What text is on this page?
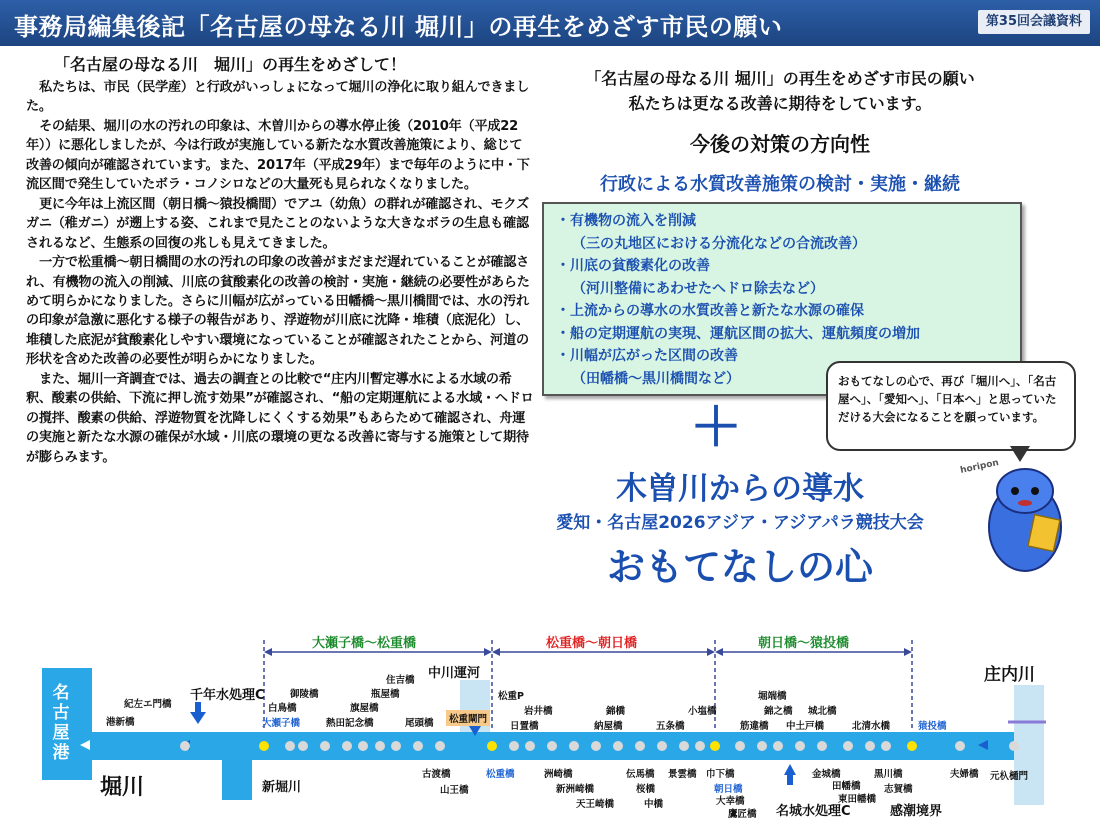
事務局編集後記「名古屋の母なる川 堀川」の再生をめざす市民の願い	第35回会議資料
「名古屋の母なる川　堀川」の再生をめざして！

私たちは、市民（民学産）と行政がいっしょになって堀川の浄化に取り組んできました。

その結果、堀川の水の汚れの印象は、木曽川からの導水停止後（2010年（平成22年））に悪化しましたが、今は行政が実施している新たな水質改善施策により、総じて改善の傾向が確認されています。また、2017年（平成29年）まで毎年のように中・下流区間で発生していたボラ・コノシロなどの大量死も見られなくなりました。

更に今年は上流区間（朝日橋～猿投橋間）でアユ（幼魚）の群れが確認され、モクズガニ（稚ガニ）が遡上する姿、これまで見たことのないような大きなボラの生息も確認されるなど、生態系の回復の兆しも見えてきました。

一方で松重橋～朝日橋間の水の汚れの印象の改善がまだまだ遅れていることが確認され、有機物の流入の削減、川底の貧酸素化の改善の検討・実施・継続の必要性があらためて明らかになりました。さらに川幅が広がっている田幡橋～黒川橋間では、水の汚れの印象が急激に悪化する様子の報告があり、浮遊物が川底に沈降・堆積（底泥化）し、堆積した底泥が貧酸素化しやすい環境になっていることが確認されたことから、河道の形状を含めた改善の必要性が明らかになりました。

また、堀川一斉調査では、過去の調査との比較で“庄内川暫定導水による水域の希釈、酸素の供給、下流に押し流す効果”が確認され、“船の定期運航による水域・ヘドロの撹拌、酸素の供給、浮遊物質を沈降しにくくする効果”もあらためて確認され、舟運の実施と新たな水源の確保が水域・川底の環境の更なる改善に寄与する施策として期待が膨らみます。

「名古屋の母なる川 堀川」の再生をめざす市民の願い
私たちは更なる改善に期待をしています。
今後の対策の方向性
行政による水質改善施策の検討・実施・継続
・有機物の流入を削減
（三の丸地区における分流化などの合流改善）
・川底の貧酸素化の改善
（河川整備にあわせたヘドロ除去など）
・上流からの導水の水質改善と新たな水源の確保
・船の定期運航の実現、運航区間の拡大、運航頻度の増加
・川幅が広がった区間の改善
（田幡橋～黒川橋間など）	おもてなしの心で、再び「堀川へ」、「名古屋へ」、「愛知へ」、「日本へ」と思っていただける大会になることを願っています。
＋
木曽川からの導水
愛知・名古屋2026アジア・アジアパラ競技大会
おもてなしの心
horipon
名古屋港
堀川	新堀川
千年水処理C
中川運河
松重閘門
庄内川
名城水処理C	感潮境界
大瀬子橋～松重橋	松重橋～朝日橋	朝日橋～猿投橋
港新橋
紀左エ門橋	白鳥橋
大瀬子橋
御陵橋
熱田記念橋
旗屋橋
住吉橋
瓶屋橋
尾頭橋
松重P
日置橋
岩井橋
納屋橋
錦橋
五条橋
小塩橋
筋違橋
錦之橋
中土戸橋
城北橋
堀端橋
北清水橋	猿投橋
古渡橋
山王橋
松重橋	洲崎橋
新洲崎橋
天王崎橋
伝馬橋
桜橋
中橋
景雲橋 巾下橋
朝日橋
大幸橋
鷹匠橋
金城橋
田幡橋
東田幡橋
黒川橋
志賀橋
夫婦橋 元杁樋門
